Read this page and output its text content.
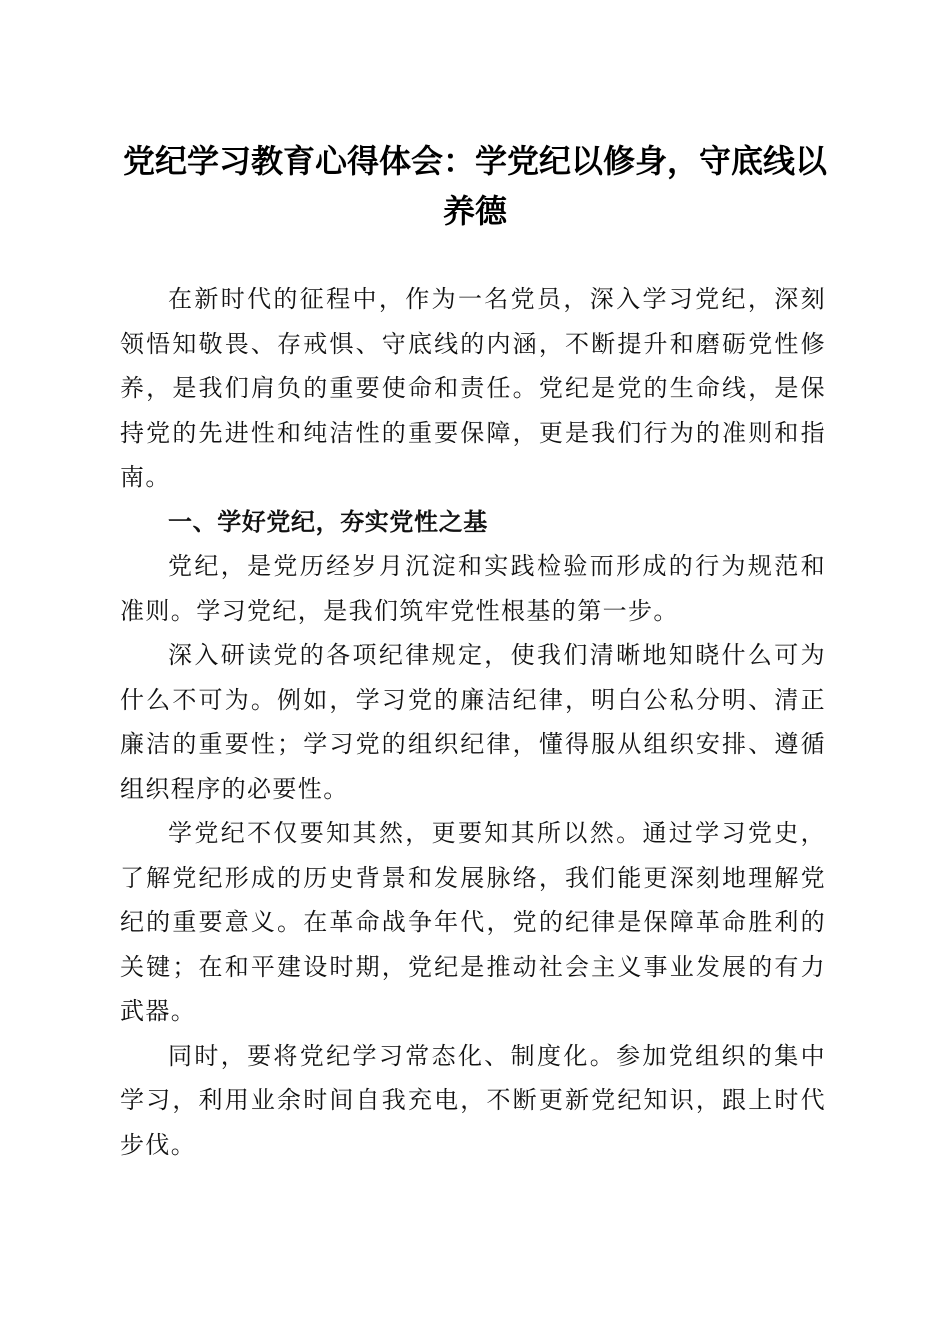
党纪学习教育心得体会：学党纪以修身，守底线以养德

在新时代的征程中，作为一名党员，深入学习党纪，深刻领悟知敬畏、存戒惧、守底线的内涵，不断提升和磨砺党性修养，是我们肩负的重要使命和责任。党纪是党的生命线，是保持党的先进性和纯洁性的重要保障，更是我们行为的准则和指南。

一、学好党纪，夯实党性之基

党纪，是党历经岁月沉淀和实践检验而形成的行为规范和准则。学习党纪，是我们筑牢党性根基的第一步。

深入研读党的各项纪律规定，使我们清晰地知晓什么可为什么不可为。例如，学习党的廉洁纪律，明白公私分明、清正廉洁的重要性；学习党的组织纪律，懂得服从组织安排、遵循组织程序的必要性。

学党纪不仅要知其然，更要知其所以然。通过学习党史，了解党纪形成的历史背景和发展脉络，我们能更深刻地理解党纪的重要意义。在革命战争年代，党的纪律是保障革命胜利的关键；在和平建设时期，党纪是推动社会主义事业发展的有力武器。

同时，要将党纪学习常态化、制度化。参加党组织的集中学习，利用业余时间自我充电，不断更新党纪知识，跟上时代步伐。
